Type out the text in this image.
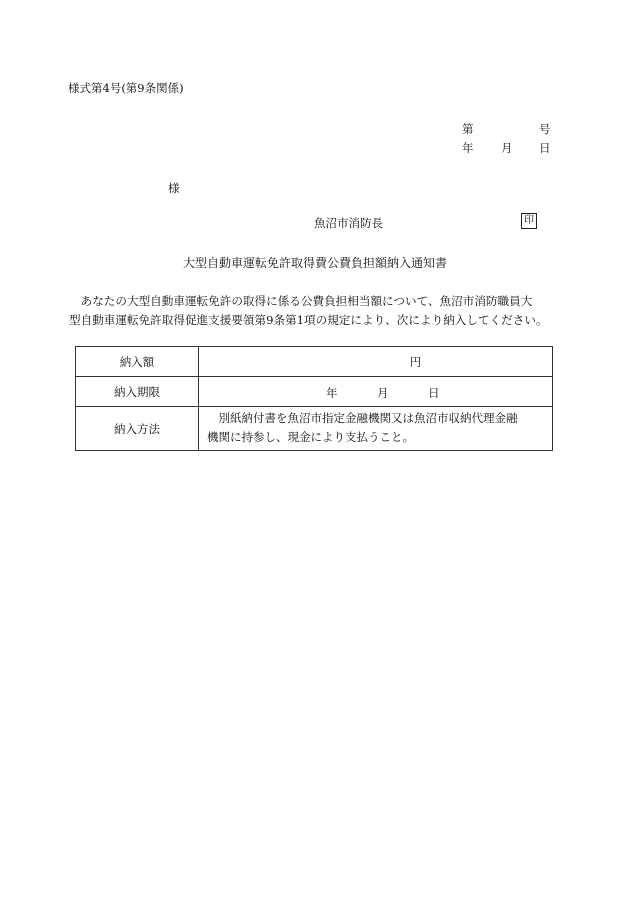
様式第4号(第9条関係)
第	号
年 月 日
様
魚沼市消防長	印
大型自動車運転免許取得費公費負担額納入通知書
　あなたの大型自動車運転免許の取得に係る公費負担相当額について、魚沼市消防職員大
型自動車運転免許取得促進支援要領第9条第1項の規定により、次により納入してください。
納入額	円
納入期限	年 月 日

納入方法	　別紙納付書を魚沼市指定金融機関又は魚沼市収納代理金融
機関に持参し、現金により支払うこと。
